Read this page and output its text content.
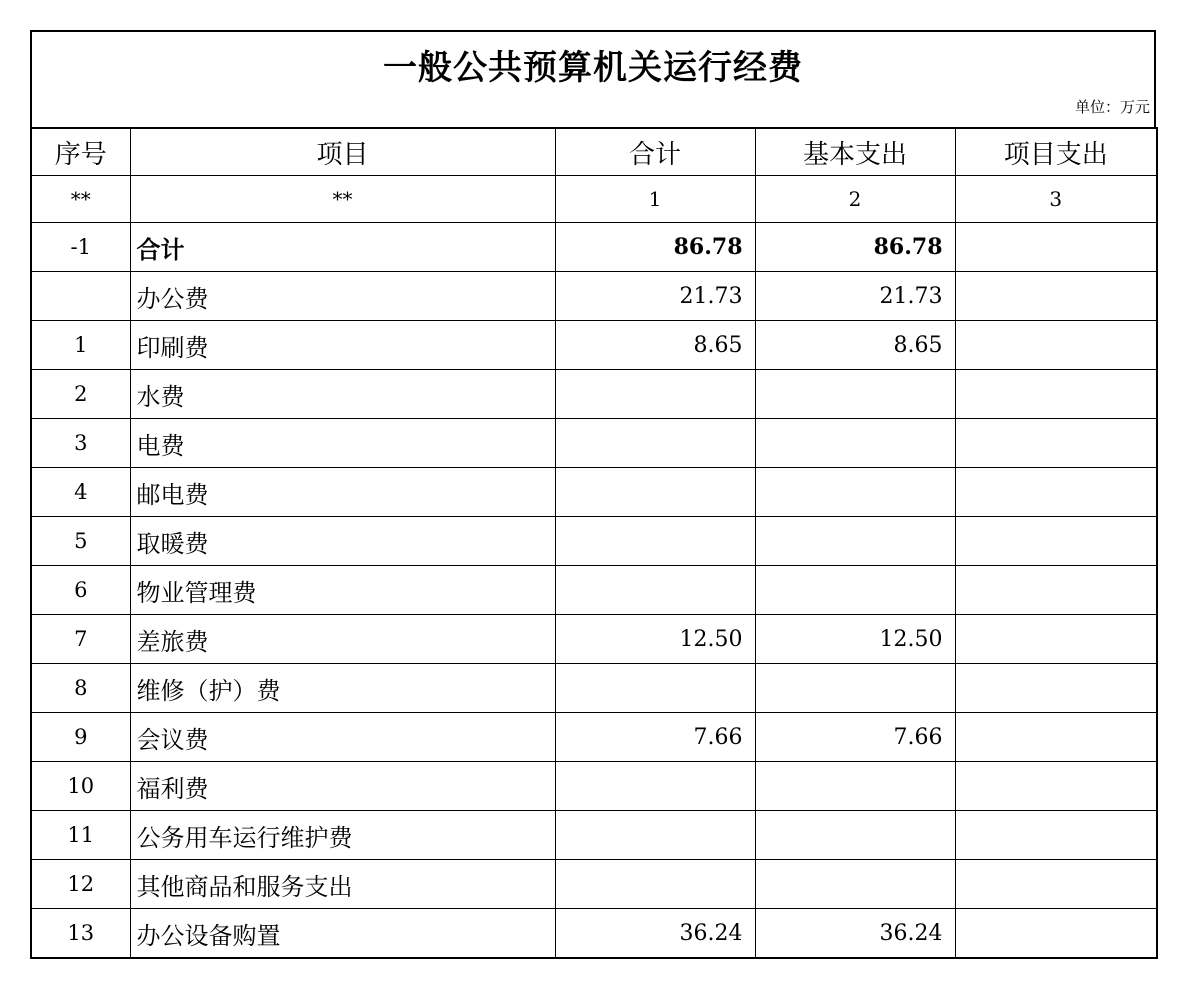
一般公共预算机关运行经费
单位：万元
序号	项目	合计	基本支出	项目支出
**	**	1	2	3
-1	合计	86.78	86.78	
	办公费	21.73	21.73	
1	印刷费	8.65	8.65	
2	水费			
3	电费			
4	邮电费			
5	取暖费			
6	物业管理费			
7	差旅费	12.50	12.50	
8	维修（护）费			
9	会议费	7.66	7.66	
10	福利费			
11	公务用车运行维护费			
12	其他商品和服务支出			
13	办公设备购置	36.24	36.24	
